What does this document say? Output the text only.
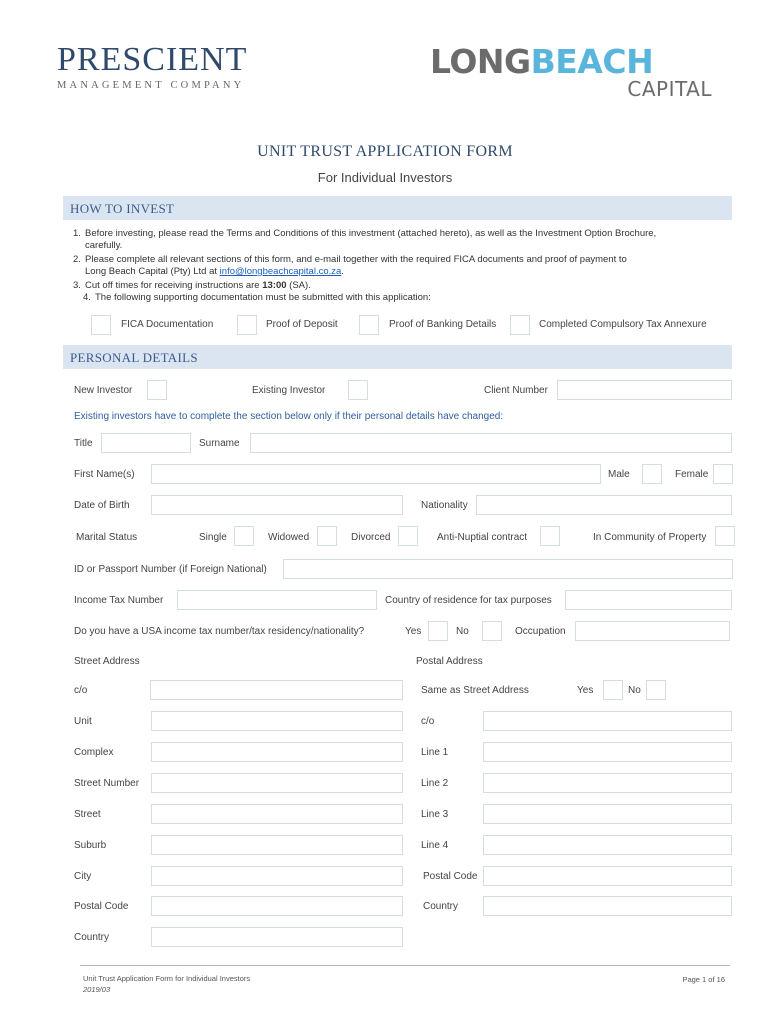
PRESCIENT
MANAGEMENT COMPANY
LONGBEACH
CAPITAL
UNIT TRUST APPLICATION FORM
For Individual Investors
HOW TO INVEST
1. Before investing, please read the Terms and Conditions of this investment (attached hereto), as well as the Investment Option Brochure,
carefully.
2. Please complete all relevant sections of this form, and e-mail together with the required FICA documents and proof of payment to
Long Beach Capital (Pty) Ltd at info@longbeachcapital.co.za.
3. Cut off times for receiving instructions are 13:00 (SA).
4. The following supporting documentation must be submitted with this application:
FICA Documentation	Proof of Deposit	Proof of Banking Details	Completed Compulsory Tax Annexure
PERSONAL DETAILS
New Investor	Existing Investor	Client Number
Existing investors have to complete the section below only if their personal details have changed:
Title	Surname
First Name(s)	Male	Female
Date of Birth	Nationality
Marital Status	Single	Widowed	Divorced	Anti-Nuptial contract	In Community of Property
ID or Passport Number (if Foreign National)
Income Tax Number	Country of residence for tax purposes
Do you have a USA income tax number/tax residency/nationality?	Yes	No	Occupation
Street Address	Postal Address
c/o	Same as Street Address	Yes	No
Unit	c/o
Complex	Line 1
Street Number	Line 2
Street	Line 3
Suburb	Line 4
City	Postal Code
Postal Code	Country
Country
Unit Trust Application Form for Individual Investors
2019/03
Page 1 of 16
